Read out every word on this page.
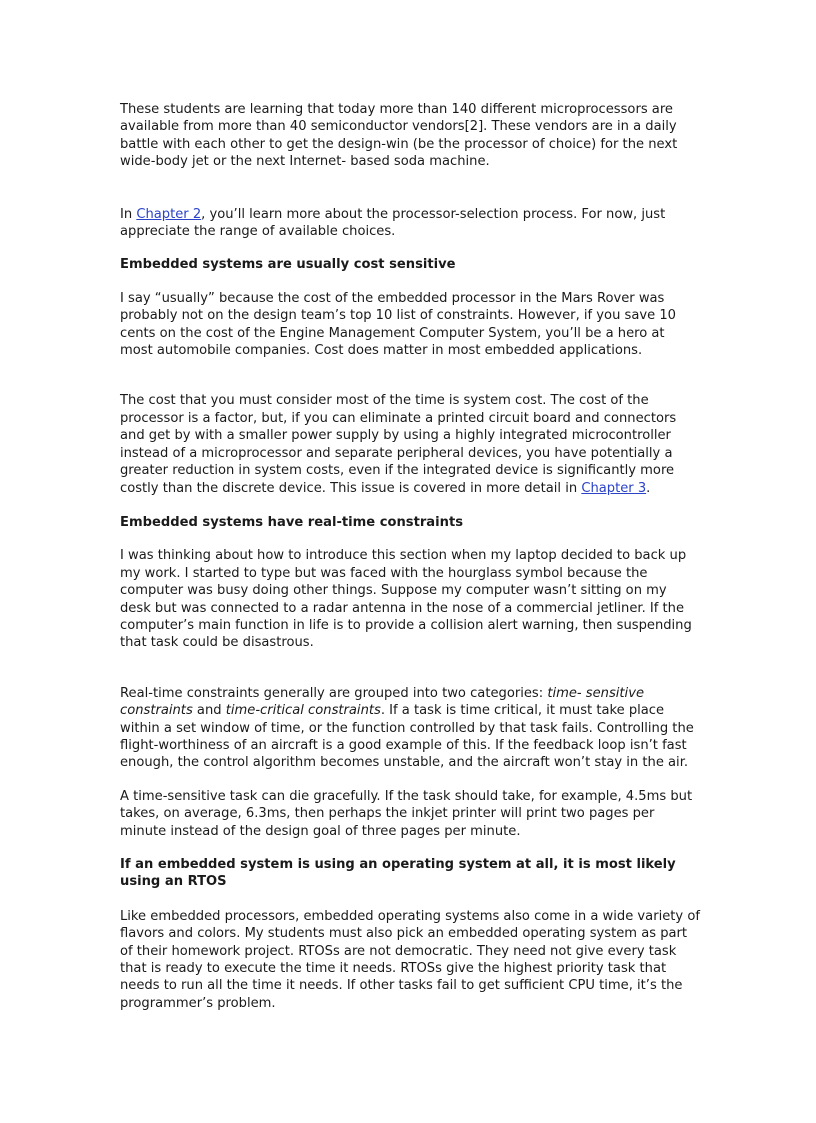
These students are learning that today more than 140 different microprocessors are available from more than 40 semiconductor vendors[2]. These vendors are in a daily battle with each other to get the design-win (be the processor of choice) for the next wide-body jet or the next Internet- based soda machine.

In Chapter 2, you’ll learn more about the processor-selection process. For now, just appreciate the range of available choices.

Embedded systems are usually cost sensitive

I say “usually” because the cost of the embedded processor in the Mars Rover was probably not on the design team’s top 10 list of constraints. However, if you save 10 cents on the cost of the Engine Management Computer System, you’ll be a hero at most automobile companies. Cost does matter in most embedded applications.

The cost that you must consider most of the time is system cost. The cost of the processor is a factor, but, if you can eliminate a printed circuit board and connectors and get by with a smaller power supply by using a highly integrated microcontroller instead of a microprocessor and separate peripheral devices, you have potentially a greater reduction in system costs, even if the integrated device is significantly more costly than the discrete device. This issue is covered in more detail in Chapter 3.

Embedded systems have real-time constraints

I was thinking about how to introduce this section when my laptop decided to back up my work. I started to type but was faced with the hourglass symbol because the computer was busy doing other things. Suppose my computer wasn’t sitting on my desk but was connected to a radar antenna in the nose of a commercial jetliner. If the computer’s main function in life is to provide a collision alert warning, then suspending that task could be disastrous.

Real-time constraints generally are grouped into two categories: time- sensitive constraints and time-critical constraints. If a task is time critical, it must take place within a set window of time, or the function controlled by that task fails. Controlling the flight-worthiness of an aircraft is a good example of this. If the feedback loop isn’t fast enough, the control algorithm becomes unstable, and the aircraft won’t stay in the air.

A time-sensitive task can die gracefully. If the task should take, for example, 4.5ms but takes, on average, 6.3ms, then perhaps the inkjet printer will print two pages per minute instead of the design goal of three pages per minute.

If an embedded system is using an operating system at all, it is most likely using an RTOS

Like embedded processors, embedded operating systems also come in a wide variety of flavors and colors. My students must also pick an embedded operating system as part of their homework project. RTOSs are not democratic. They need not give every task that is ready to execute the time it needs. RTOSs give the highest priority task that needs to run all the time it needs. If other tasks fail to get sufficient CPU time, it’s the programmer’s problem.
